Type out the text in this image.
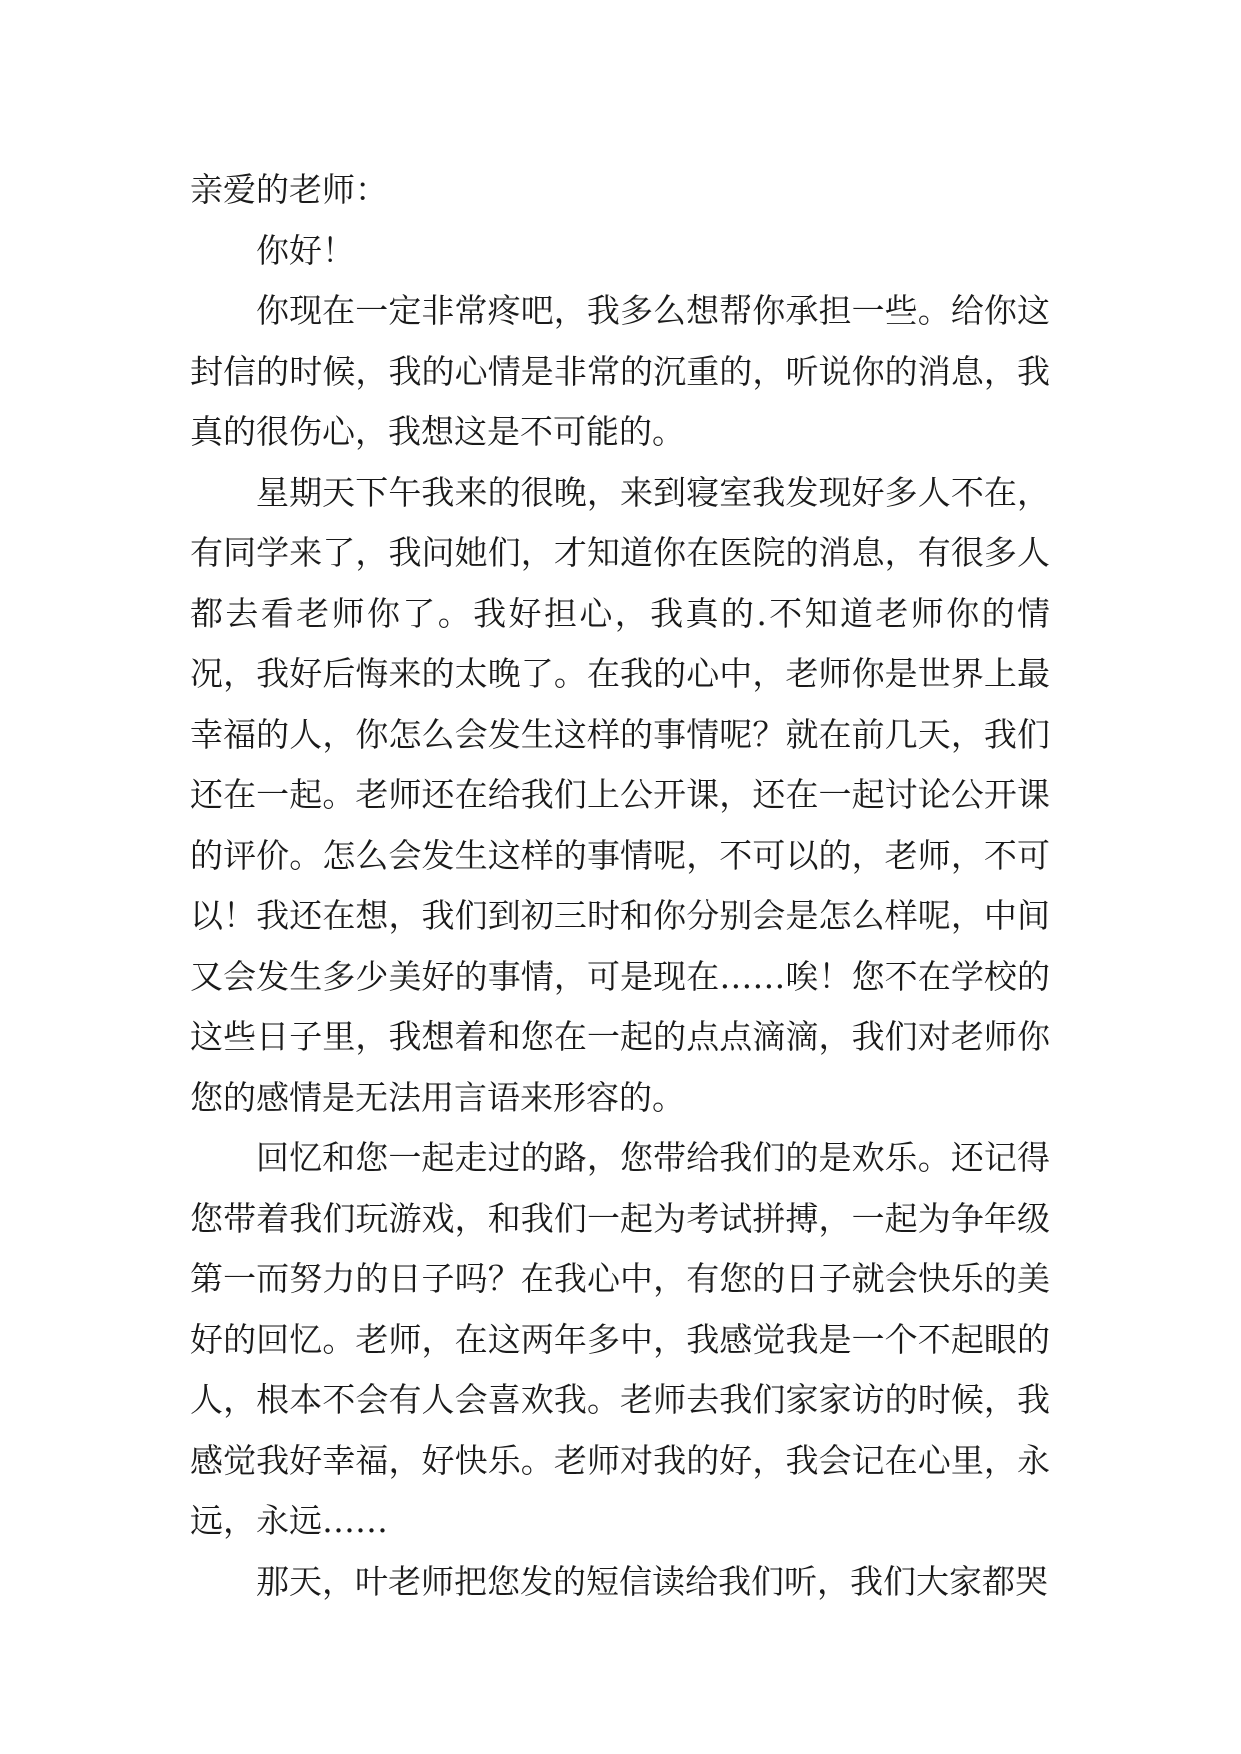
亲爱的老师：

你好！

你现在一定非常疼吧，我多么想帮你承担一些。给你这封信的时候，我的心情是非常的沉重的，听说你的消息，我真的很伤心，我想这是不可能的。

星期天下午我来的很晚，来到寝室我发现好多人不在，有同学来了，我问她们，才知道你在医院的消息，有很多人都去看老师你了。我好担心，我真的.不知道老师你的情况，我好后悔来的太晚了。在我的心中，老师你是世界上最幸福的人，你怎么会发生这样的事情呢？就在前几天，我们还在一起。老师还在给我们上公开课，还在一起讨论公开课的评价。怎么会发生这样的事情呢，不可以的，老师，不可以！我还在想，我们到初三时和你分别会是怎么样呢，中间又会发生多少美好的事情，可是现在……唉！您不在学校的这些日子里，我想着和您在一起的点点滴滴，我们对老师你您的感情是无法用言语来形容的。

回忆和您一起走过的路，您带给我们的是欢乐。还记得您带着我们玩游戏，和我们一起为考试拼搏，一起为争年级第一而努力的日子吗？在我心中，有您的日子就会快乐的美好的回忆。老师，在这两年多中，我感觉我是一个不起眼的人，根本不会有人会喜欢我。老师去我们家家访的时候，我感觉我好幸福，好快乐。老师对我的好，我会记在心里，永远，永远……

那天，叶老师把您发的短信读给我们听，我们大家都哭
